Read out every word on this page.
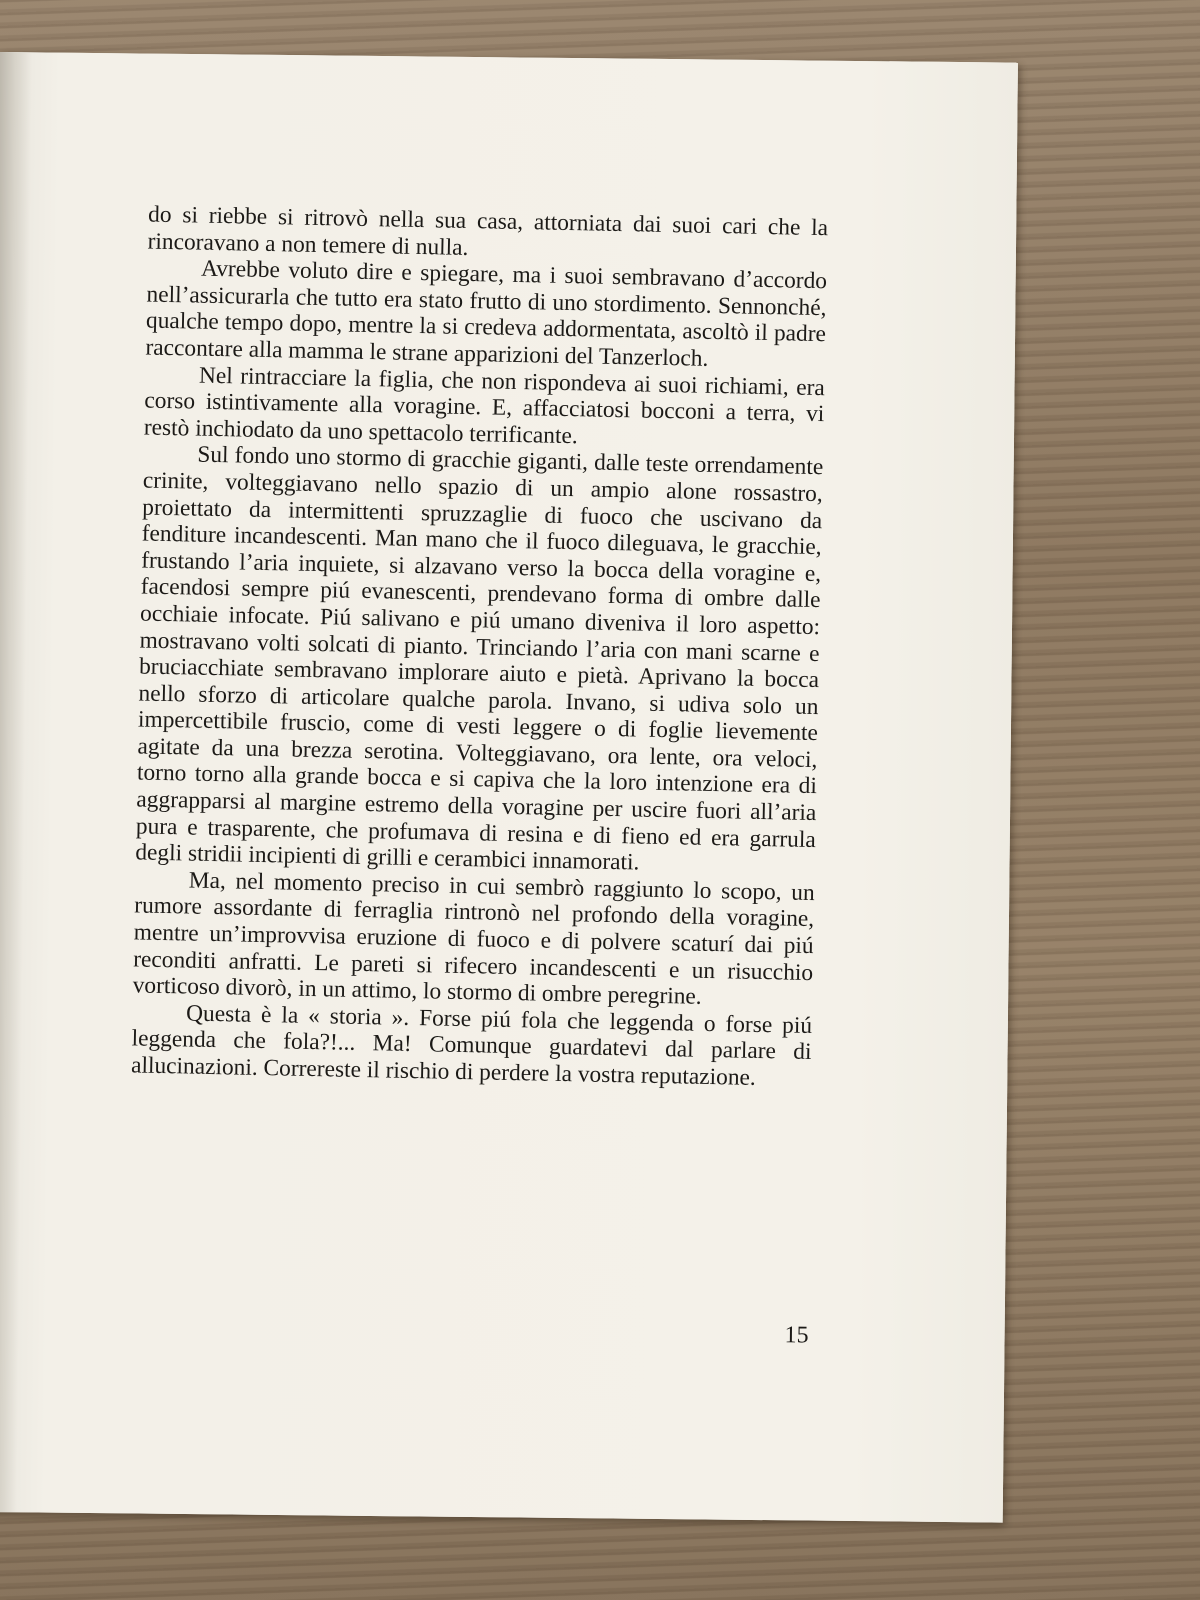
do si riebbe si ritrovò nella sua casa, attorniata dai suoi cari che la rincoravano a non temere di nulla.

Avrebbe voluto dire e spiegare, ma i suoi sembravano d’accordo nell’assicurarla che tutto era stato frutto di uno stordimento. Sennonché, qualche tempo dopo, mentre la si credeva addormentata, ascoltò il padre raccontare alla mamma le strane apparizioni del Tanzerloch.

Nel rintracciare la figlia, che non rispondeva ai suoi richiami, era corso istintivamente alla voragine. E, affacciatosi bocconi a terra, vi restò inchiodato da uno spettacolo terrificante.

Sul fondo uno stormo di gracchie giganti, dalle teste orrendamente crinite, volteggiavano nello spazio di un ampio alone rossastro, proiettato da intermittenti spruzzaglie di fuoco che uscivano da fenditure incandescenti. Man mano che il fuoco dileguava, le gracchie, frustando l’aria inquiete, si alzavano verso la bocca della voragine e, facendosi sempre piú evanescenti, prendevano forma di ombre dalle occhiaie infocate. Piú salivano e piú umano diveniva il loro aspetto: mostravano volti solcati di pianto. Trinciando l’aria con mani scarne e bruciacchiate sembravano implorare aiuto e pietà. Aprivano la bocca nello sforzo di articolare qualche parola. Invano, si udiva solo un impercettibile fruscio, come di vesti leggere o di foglie lievemente agitate da una brezza serotina. Volteggiavano, ora lente, ora veloci, torno torno alla grande bocca e si capiva che la loro intenzione era di aggrapparsi al margine estremo della voragine per uscire fuori all’aria pura e trasparente, che profumava di resina e di fieno ed era garrula degli stridii incipienti di grilli e cerambici innamorati.

Ma, nel momento preciso in cui sembrò raggiunto lo scopo, un rumore assordante di ferraglia rintronò nel profondo della voragine, mentre un’improvvisa eruzione di fuoco e di polvere scaturí dai piú reconditi anfratti. Le pareti si rifecero incandescenti e un risucchio vorticoso divorò, in un attimo, lo stormo di ombre peregrine.

Questa è la « storia ». Forse piú fola che leggenda o forse piú leggenda che fola?!... Ma! Comunque guardatevi dal parlare di allucinazioni. Correreste il rischio di perdere la vostra reputazione.

15
